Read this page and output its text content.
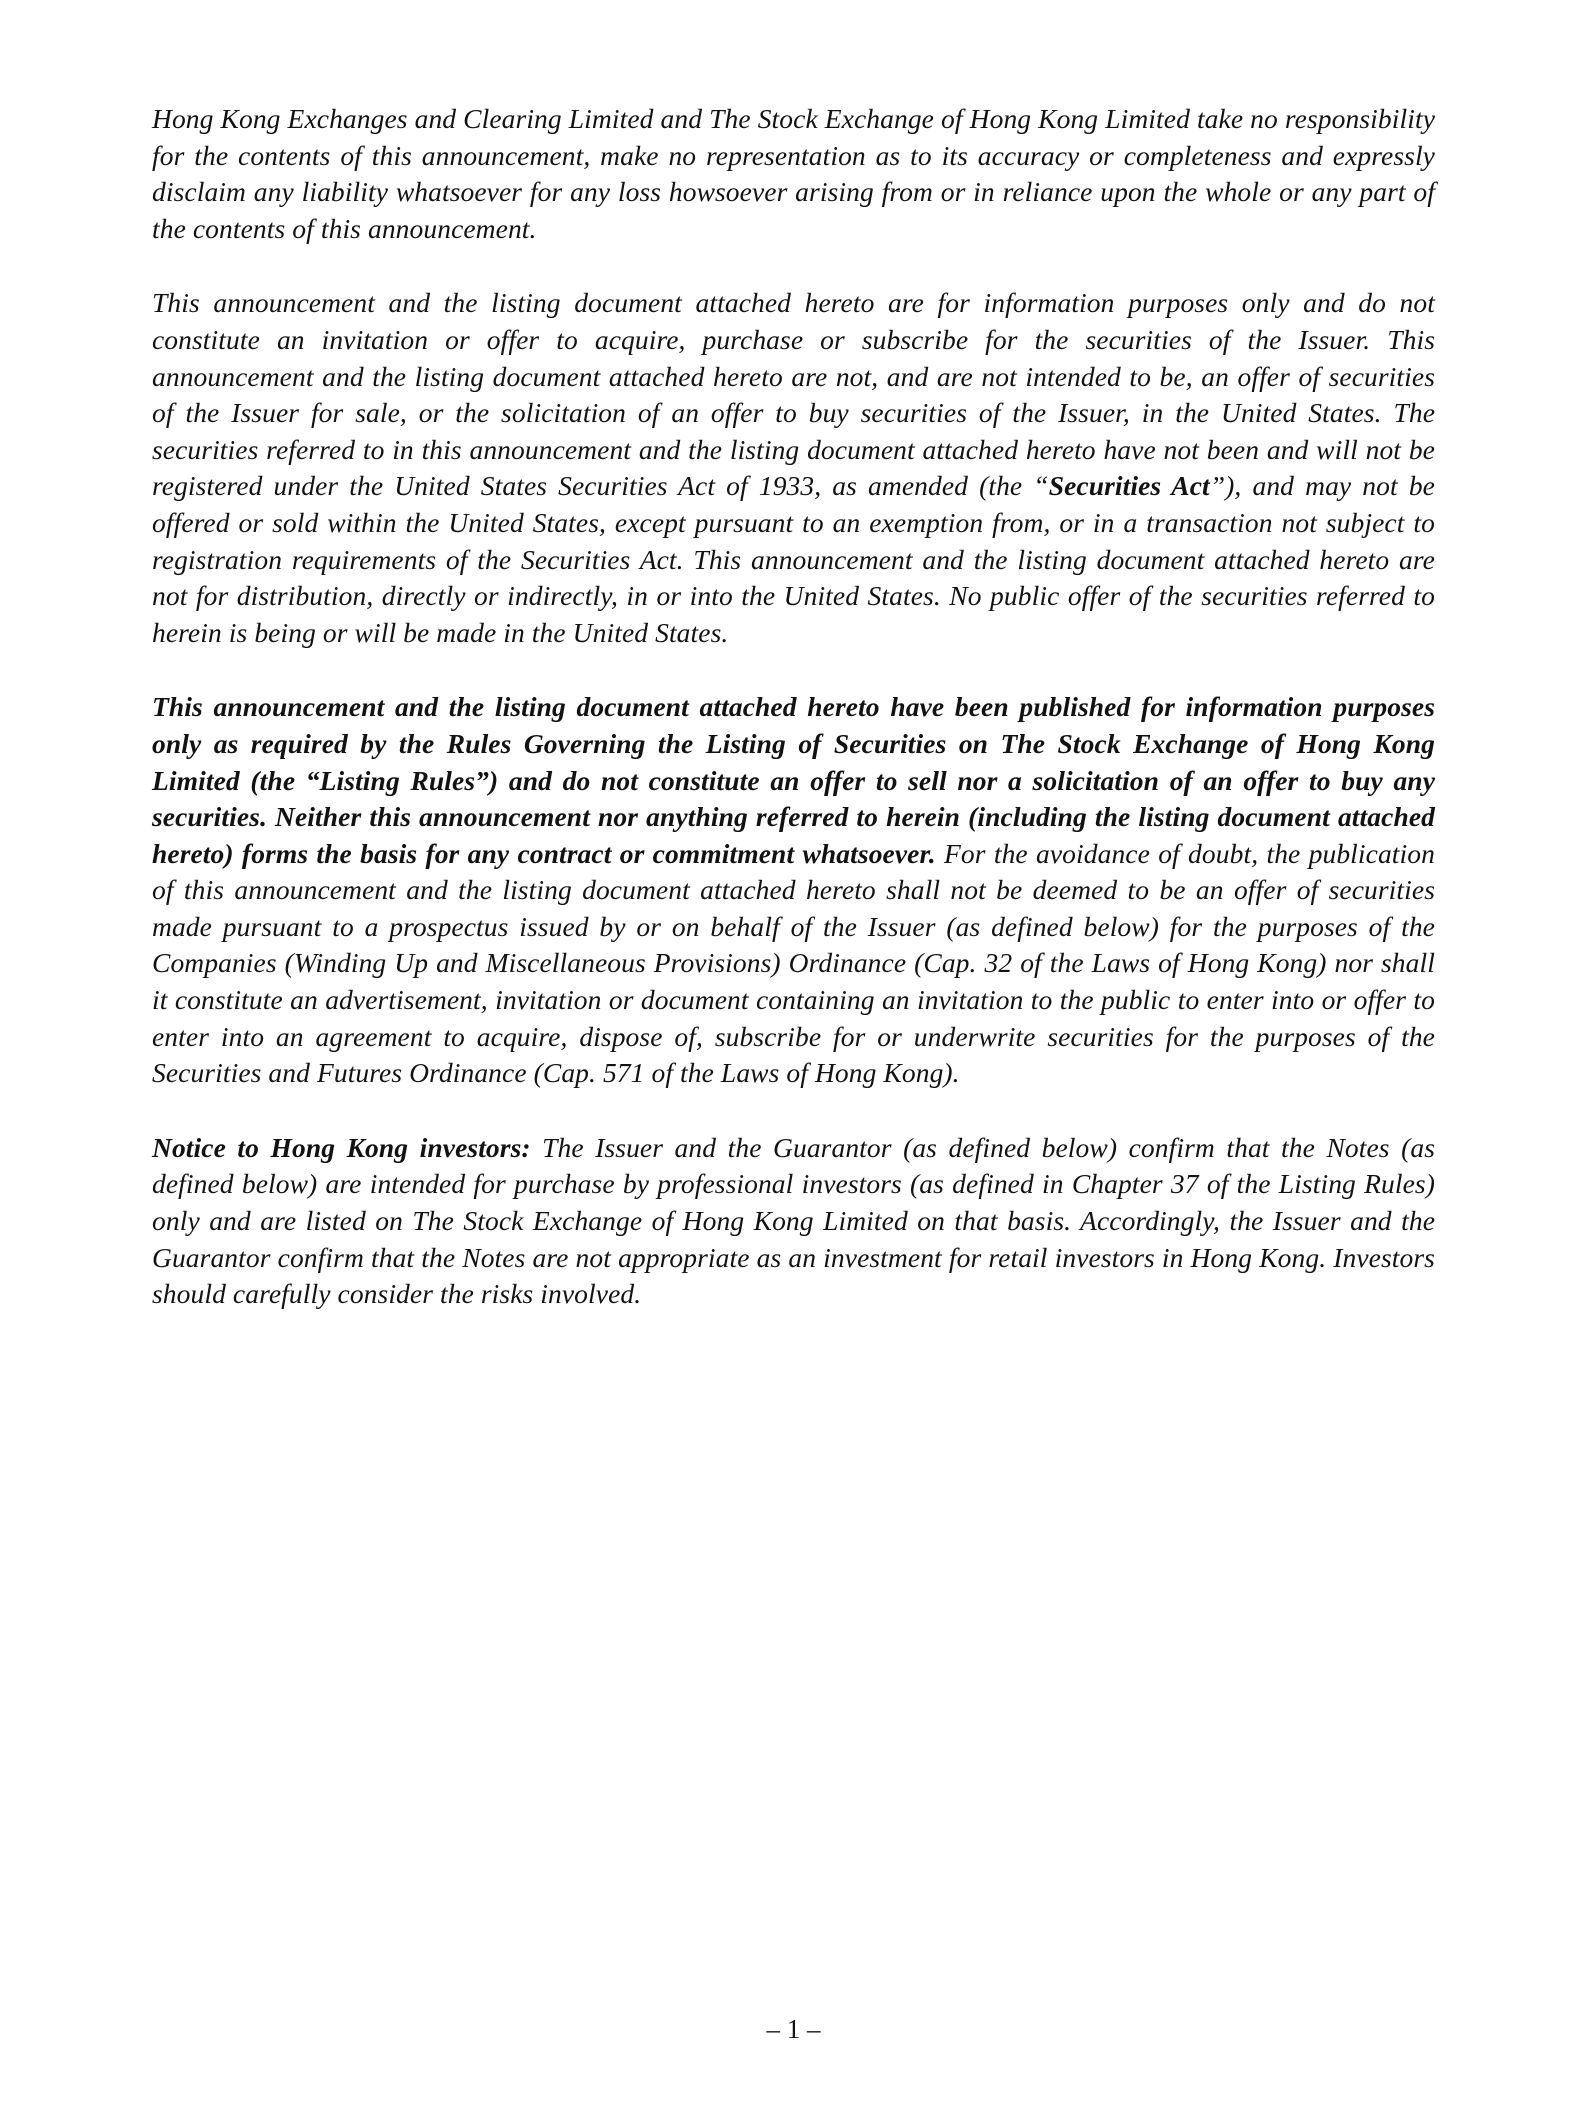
Hong Kong Exchanges and Clearing Limited and The Stock Exchange of Hong Kong Limited take no responsibility for the contents of this announcement, make no representation as to its accuracy or completeness and expressly disclaim any liability whatsoever for any loss howsoever arising from or in reliance upon the whole or any part of the contents of this announcement.

This announcement and the listing document attached hereto are for information purposes only and do not constitute an invitation or offer to acquire, purchase or subscribe for the securities of the Issuer. This announcement and the listing document attached hereto are not, and are not intended to be, an offer of securities of the Issuer for sale, or the solicitation of an offer to buy securities of the Issuer, in the United States. The securities referred to in this announcement and the listing document attached hereto have not been and will not be registered under the United States Securities Act of 1933, as amended (the “Securities Act”), and may not be offered or sold within the United States, except pursuant to an exemption from, or in a transaction not subject to registration requirements of the Securities Act. This announcement and the listing document attached hereto are not for distribution, directly or indirectly, in or into the United States. No public offer of the securities referred to herein is being or will be made in the United States.

This announcement and the listing document attached hereto have been published for information purposes only as required by the Rules Governing the Listing of Securities on The Stock Exchange of Hong Kong Limited (the “Listing Rules”) and do not constitute an offer to sell nor a solicitation of an offer to buy any securities. Neither this announcement nor anything referred to herein (including the listing document attached hereto) forms the basis for any contract or commitment whatsoever. For the avoidance of doubt, the publication of this announcement and the listing document attached hereto shall not be deemed to be an offer of securities made pursuant to a prospectus issued by or on behalf of the Issuer (as defined below) for the purposes of the Companies (Winding Up and Miscellaneous Provisions) Ordinance (Cap. 32 of the Laws of Hong Kong) nor shall it constitute an advertisement, invitation or document containing an invitation to the public to enter into or offer to enter into an agreement to acquire, dispose of, subscribe for or underwrite securities for the purposes of the Securities and Futures Ordinance (Cap. 571 of the Laws of Hong Kong).

Notice to Hong Kong investors: The Issuer and the Guarantor (as defined below) confirm that the Notes (as defined below) are intended for purchase by professional investors (as defined in Chapter 37 of the Listing Rules) only and are listed on The Stock Exchange of Hong Kong Limited on that basis. Accordingly, the Issuer and the Guarantor confirm that the Notes are not appropriate as an investment for retail investors in Hong Kong. Investors should carefully consider the risks involved.

– 1 –
